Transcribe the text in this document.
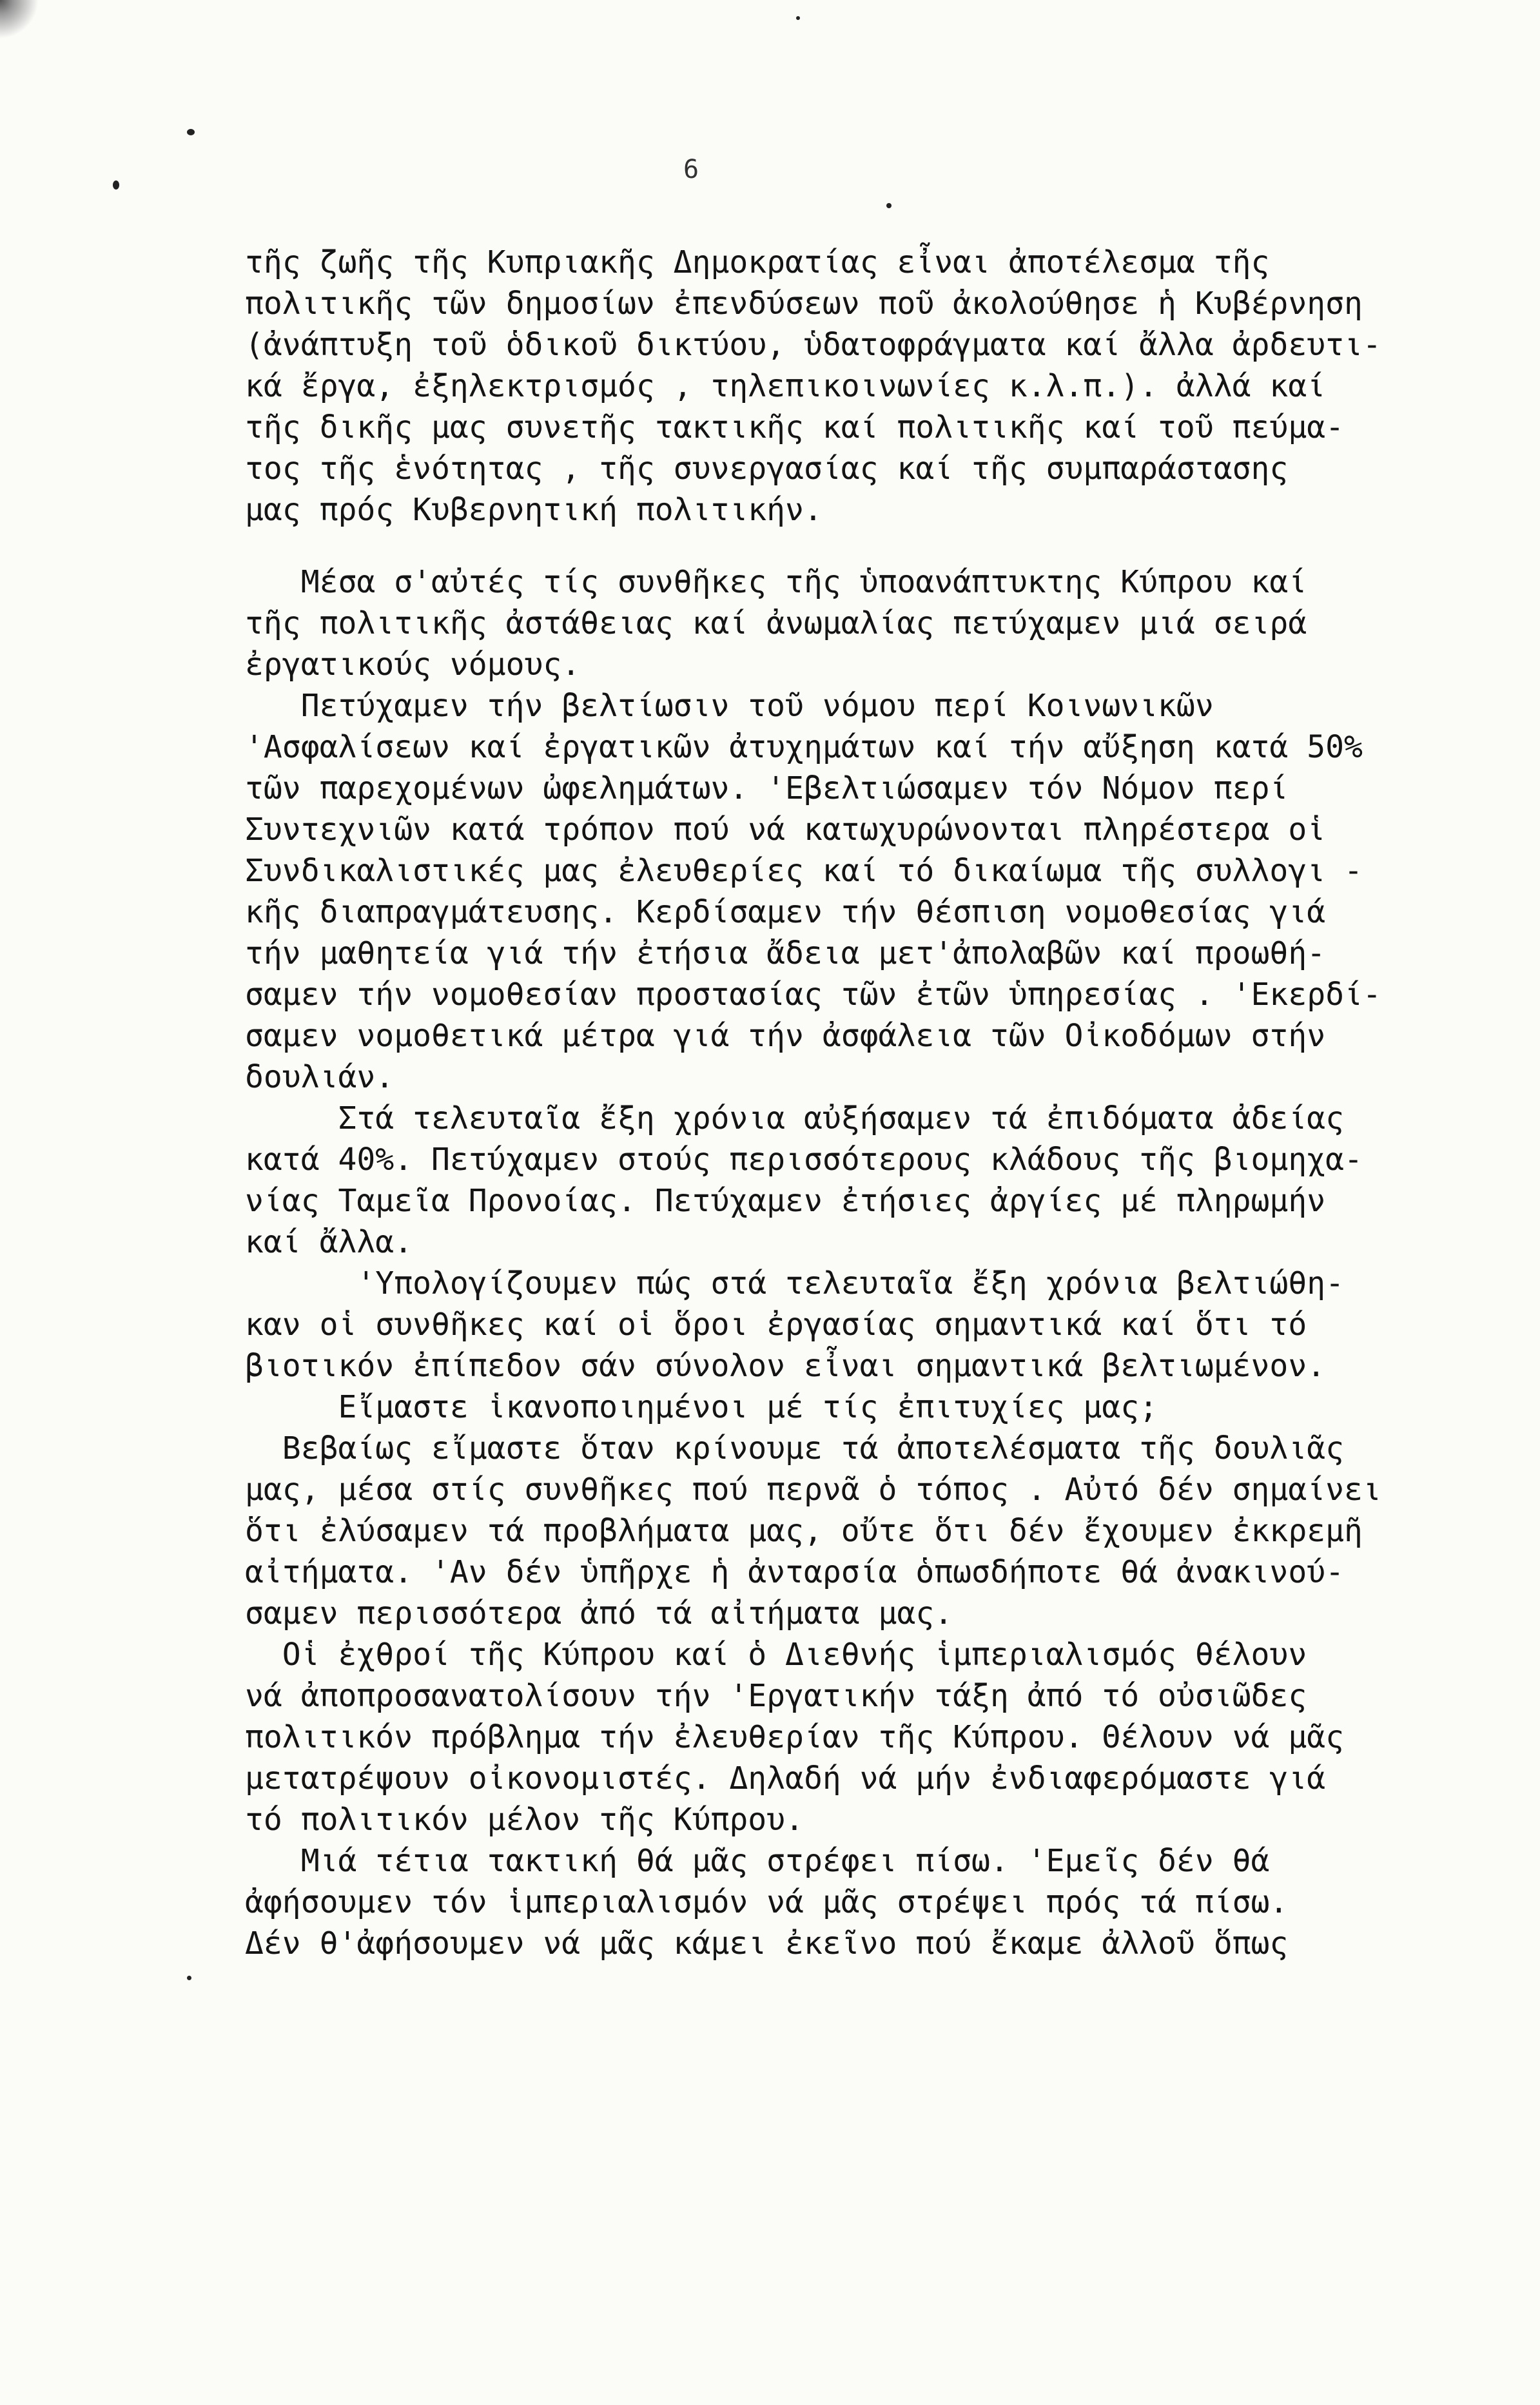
6
τῆς ζωῆς τῆς Κυπριακῆς Δημοκρατίας εἶναι ἀποτέλεσμα τῆς
πολιτικῆς τῶν δημοσίων ἐπενδύσεων ποῦ ἀκολούθησε ἡ Κυβέρνηση
(ἀνάπτυξη τοῦ ὁδικοῦ δικτύου, ὑδατοφράγματα καί ἄλλα ἀρδευτι-
κά ἔργα, ἐξηλεκτρισμός , τηλεπικοινωνίες κ.λ.π.). ἀλλά καί
τῆς δικῆς μας συνετῆς τακτικῆς καί πολιτικῆς καί τοῦ πεύμα-
τος τῆς ἑνότητας , τῆς συνεργασίας καί τῆς συμπαράστασης
μας πρός Κυβερνητική πολιτικήν.
Μέσα σ'αὐτές τίς συνθῆκες τῆς ὑποανάπτυκτης Κύπρου καί
τῆς πολιτικῆς ἀστάθειας καί ἀνωμαλίας πετύχαμεν μιά σειρά
ἐργατικούς νόμους.
Πετύχαμεν τήν βελτίωσιν τοῦ νόμου περί Κοινωνικῶν
'Ασφαλίσεων καί ἐργατικῶν ἀτυχημάτων καί τήν αὔξηση κατά 50%
τῶν παρεχομένων ὠφελημάτων. 'Εβελτιώσαμεν τόν Νόμον περί
Συντεχνιῶν κατά τρόπον πού νά κατωχυρώνονται πληρέστερα οἱ
Συνδικαλιστικές μας ἐλευθερίες καί τό δικαίωμα τῆς συλλογι -
κῆς διαπραγμάτευσης. Κερδίσαμεν τήν θέσπιση νομοθεσίας γιά
τήν μαθητεία γιά τήν ἐτήσια ἄδεια μετ'ἀπολαβῶν καί προωθή-
σαμεν τήν νομοθεσίαν προστασίας τῶν ἐτῶν ὑπηρεσίας . 'Εκερδί-
σαμεν νομοθετικά μέτρα γιά τήν ἀσφάλεια τῶν Οἰκοδόμων στήν
δουλιάν.
Στά τελευταῖα ἔξη χρόνια αὐξήσαμεν τά ἐπιδόματα ἀδείας
κατά 40%. Πετύχαμεν στούς περισσότερους κλάδους τῆς βιομηχα-
νίας Ταμεῖα Προνοίας. Πετύχαμεν ἐτήσιες ἀργίες μέ πληρωμήν
καί ἄλλα.
'Υπολογίζουμεν πώς στά τελευταῖα ἔξη χρόνια βελτιώθη-
καν οἱ συνθῆκες καί οἱ ὅροι ἐργασίας σημαντικά καί ὅτι τό
βιοτικόν ἐπίπεδον σάν σύνολον εἶναι σημαντικά βελτιωμένον.
Εἴμαστε ἱκανοποιημένοι μέ τίς ἐπιτυχίες μας;
Βεβαίως εἴμαστε ὅταν κρίνουμε τά ἀποτελέσματα τῆς δουλιᾶς
μας, μέσα στίς συνθῆκες πού περνᾶ ὁ τόπος . Αὐτό δέν σημαίνει
ὅτι ἐλύσαμεν τά προβλήματα μας, οὔτε ὅτι δέν ἔχουμεν ἐκκρεμῆ
αἰτήματα. 'Αν δέν ὑπῆρχε ἡ ἀνταρσία ὁπωσδήποτε θά ἀνακινού-
σαμεν περισσότερα ἀπό τά αἰτήματα μας.
Οἱ ἐχθροί τῆς Κύπρου καί ὁ Διεθνής ἱμπεριαλισμός θέλουν
νά ἀποπροσανατολίσουν τήν 'Εργατικήν τάξη ἀπό τό οὐσιῶδες
πολιτικόν πρόβλημα τήν ἐλευθερίαν τῆς Κύπρου. Θέλουν νά μᾶς
μετατρέψουν οἰκονομιστές. Δηλαδή νά μήν ἐνδιαφερόμαστε γιά
τό πολιτικόν μέλον τῆς Κύπρου.
Μιά τέτια τακτική θά μᾶς στρέφει πίσω. 'Εμεῖς δέν θά
ἀφήσουμεν τόν ἱμπεριαλισμόν νά μᾶς στρέψει πρός τά πίσω.
Δέν θ'ἀφήσουμεν νά μᾶς κάμει ἐκεῖνο πού ἔκαμε ἀλλοῦ ὅπως
